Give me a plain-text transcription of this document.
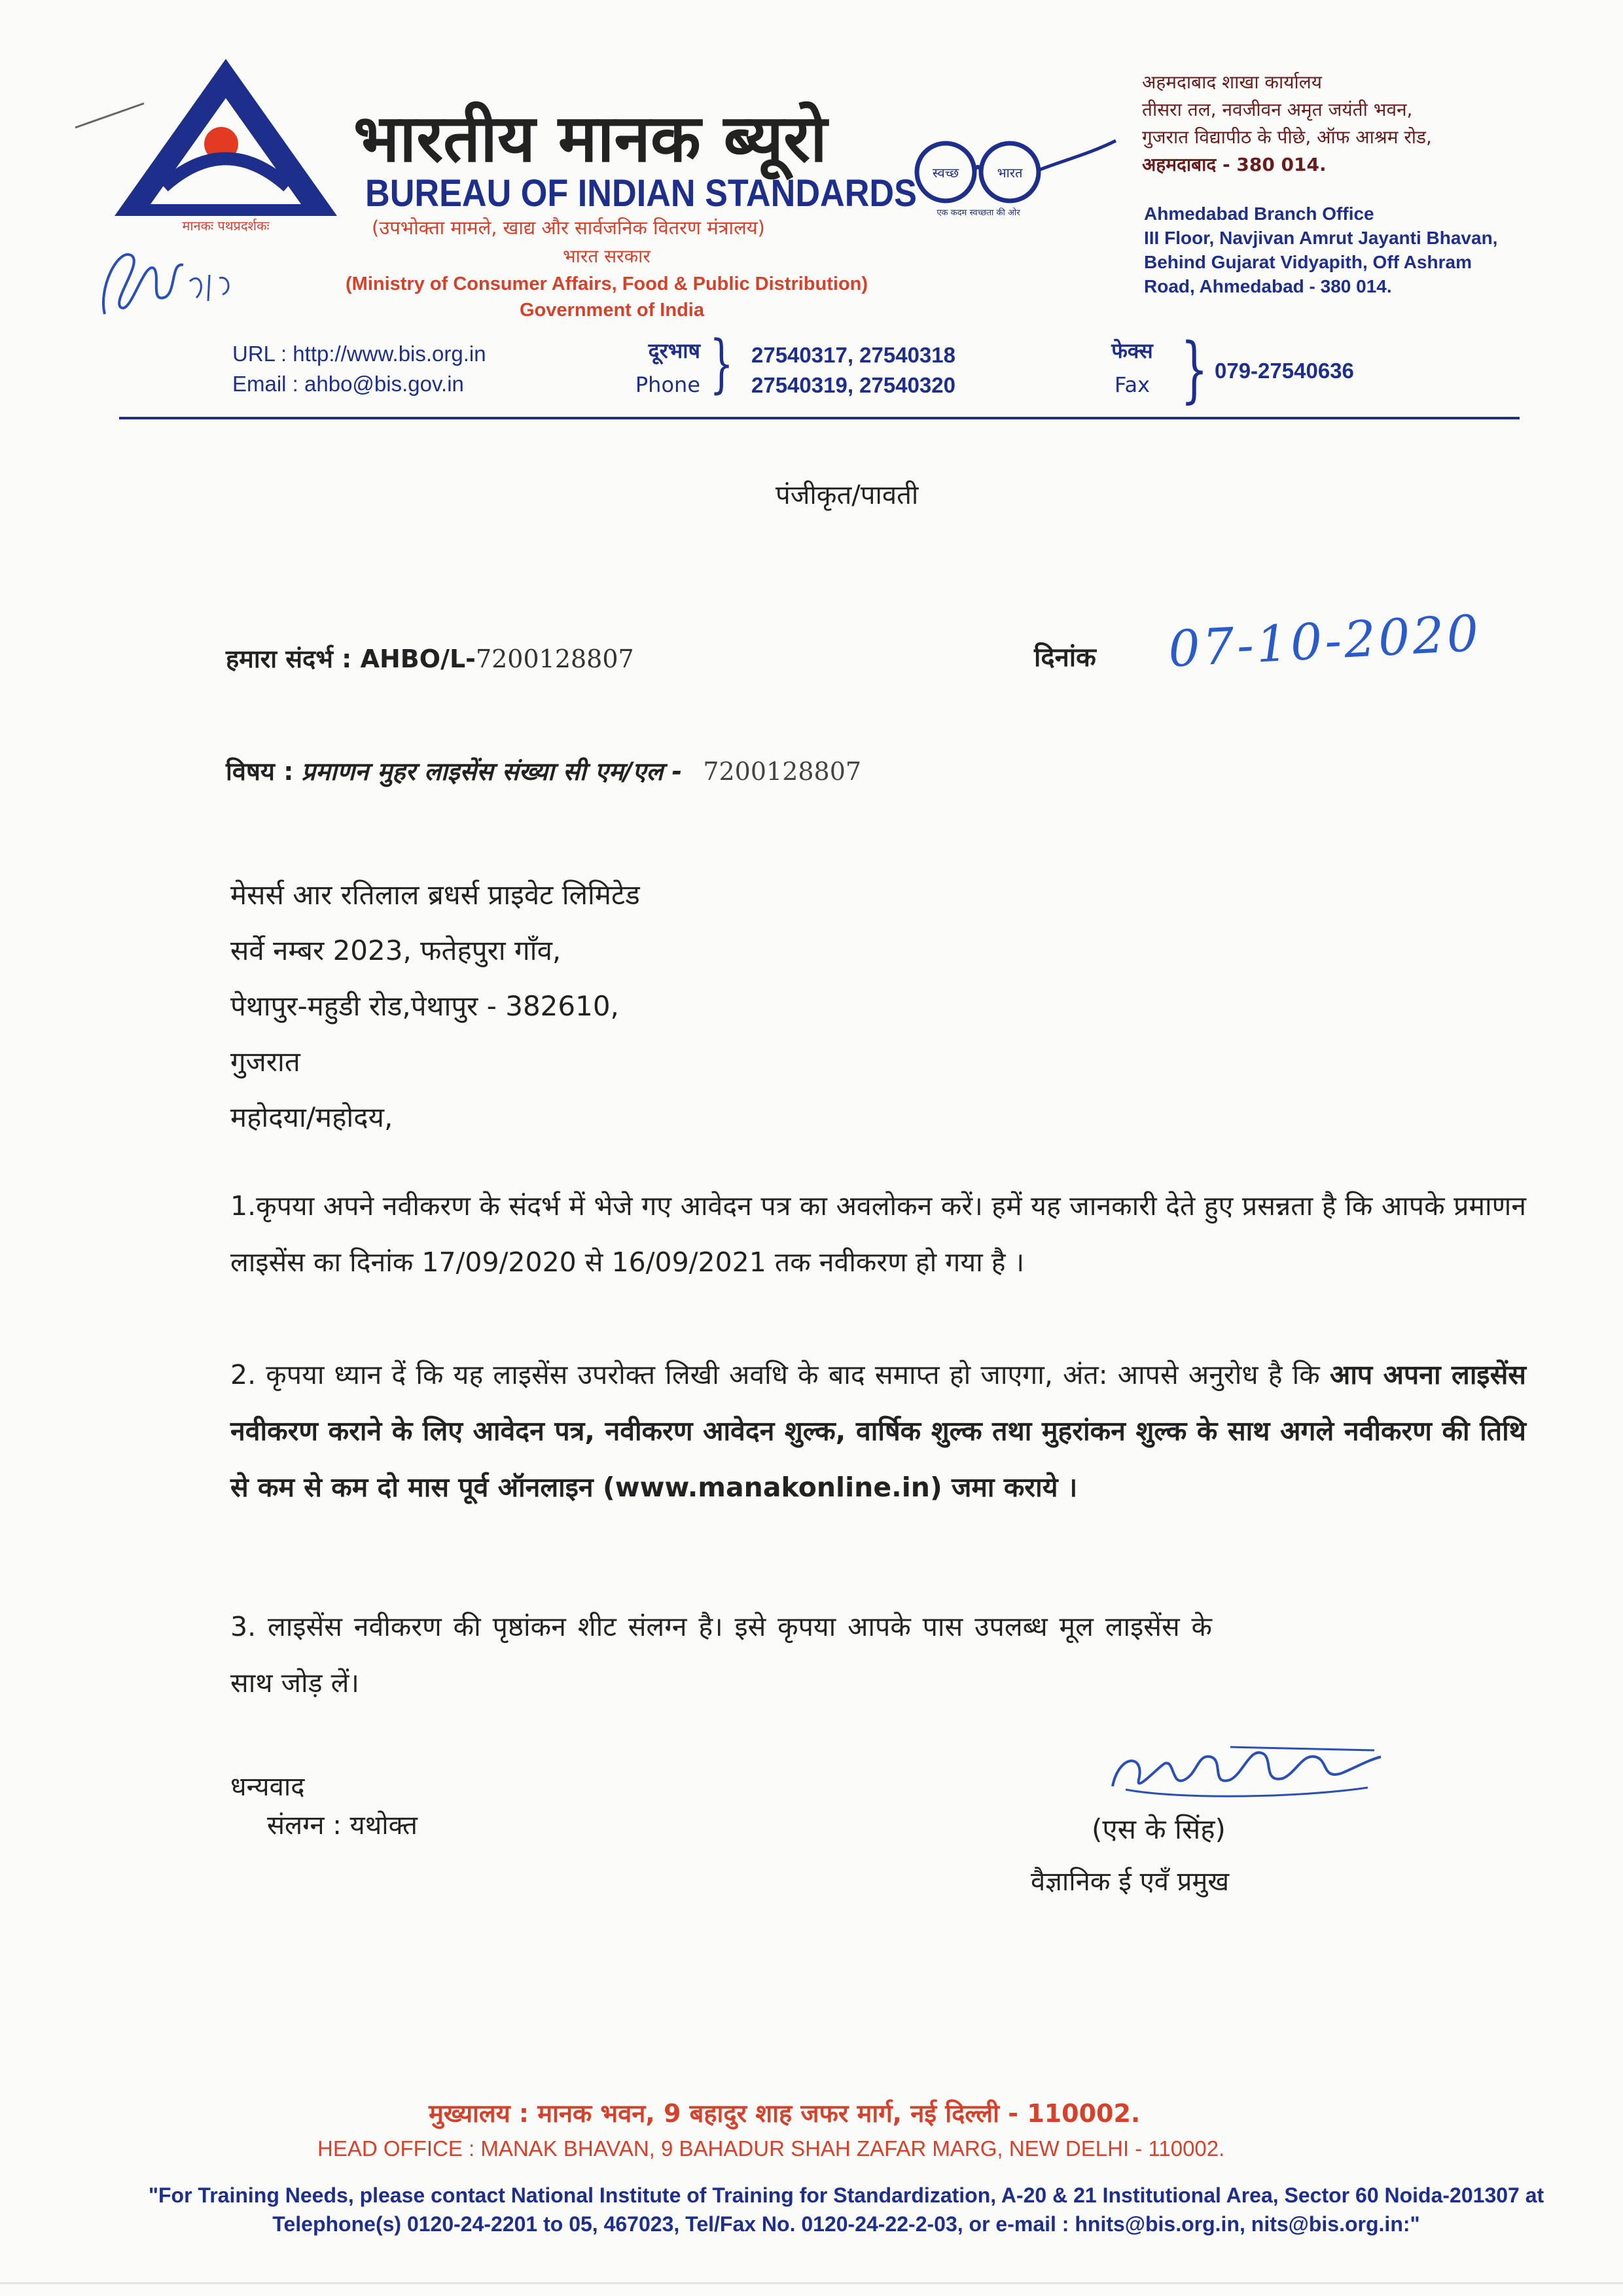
मानकः पथप्रदर्शकः
भारतीय मानक ब्यूरो
BUREAU OF INDIAN STANDARDS
(उपभोक्ता मामले, खाद्य और सार्वजनिक वितरण मंत्रालय)
भारत सरकार
(Ministry of Consumer Affairs, Food & Public Distribution)
Government of India
स्वच्छ	भारत
एक कदम स्वच्छता की ओर
अहमदाबाद शाखा कार्यालय
तीसरा तल, नवजीवन अमृत जयंती भवन,
गुजरात विद्यापीठ के पीछे, ऑफ आश्रम रोड,
अहमदाबाद - 380 014.
Ahmedabad Branch Office
III Floor, Navjivan Amrut Jayanti Bhavan,
Behind Gujarat Vidyapith, Off Ashram
Road, Ahmedabad - 380 014.
URL : http://www.bis.org.in
Email : ahbo@bis.gov.in
दूरभाष
Phone } 27540317, 27540318
27540319, 27540320
फेक्स
Fax } 079-27540636
पंजीकृत/पावती
हमारा संदर्भ : AHBO/L-7200128807	दिनांक 07-10-2020
विषय : प्रमाणन मुहर लाइसेंस संख्या सी एम/एल - 7200128807
मेसर्स आर रतिलाल ब्रधर्स प्राइवेट लिमिटेड
सर्वे नम्बर 2023, फतेहपुरा गाँव,
पेथापुर-महुडी रोड,पेथापुर - 382610,
गुजरात
महोदया/महोदय,
1.कृपया अपने नवीकरण के संदर्भ में भेजे गए आवेदन पत्र का अवलोकन करें। हमें यह जानकारी देते हुए प्रसन्नता है कि आपके प्रमाणन लाइसेंस का दिनांक 17/09/2020 से 16/09/2021 तक नवीकरण हो गया है ।
2. कृपया ध्यान दें कि यह लाइसेंस उपरोक्त लिखी अवधि के बाद समाप्त हो जाएगा, अंत: आपसे अनुरोध है कि आप अपना लाइसेंस नवीकरण कराने के लिए आवेदन पत्र, नवीकरण आवेदन शुल्क, वार्षिक शुल्क तथा मुहरांकन शुल्क के साथ अगले नवीकरण की तिथि से कम से कम दो मास पूर्व ऑनलाइन (www.manakonline.in) जमा कराये ।
3. लाइसेंस नवीकरण की पृष्ठांकन शीट संलग्न है। इसे कृपया आपके पास उपलब्ध मूल लाइसेंस के साथ जोड़ लें।
धन्यवाद
संलग्न : यथोक्त	(एस के सिंह)
वैज्ञानिक ई एवँ प्रमुख
मुख्यालय : मानक भवन, 9 बहादुर शाह जफर मार्ग, नई दिल्ली - 110002.
HEAD OFFICE : MANAK BHAVAN, 9 BAHADUR SHAH ZAFAR MARG, NEW DELHI - 110002.
"For Training Needs, please contact National Institute of Training for Standardization, A-20 & 21 Institutional Area, Sector 60 Noida-201307 at Telephone(s) 0120-24-2201 to 05, 467023, Tel/Fax No. 0120-24-22-2-03, or e-mail : hnits@bis.org.in, nits@bis.org.in:"
